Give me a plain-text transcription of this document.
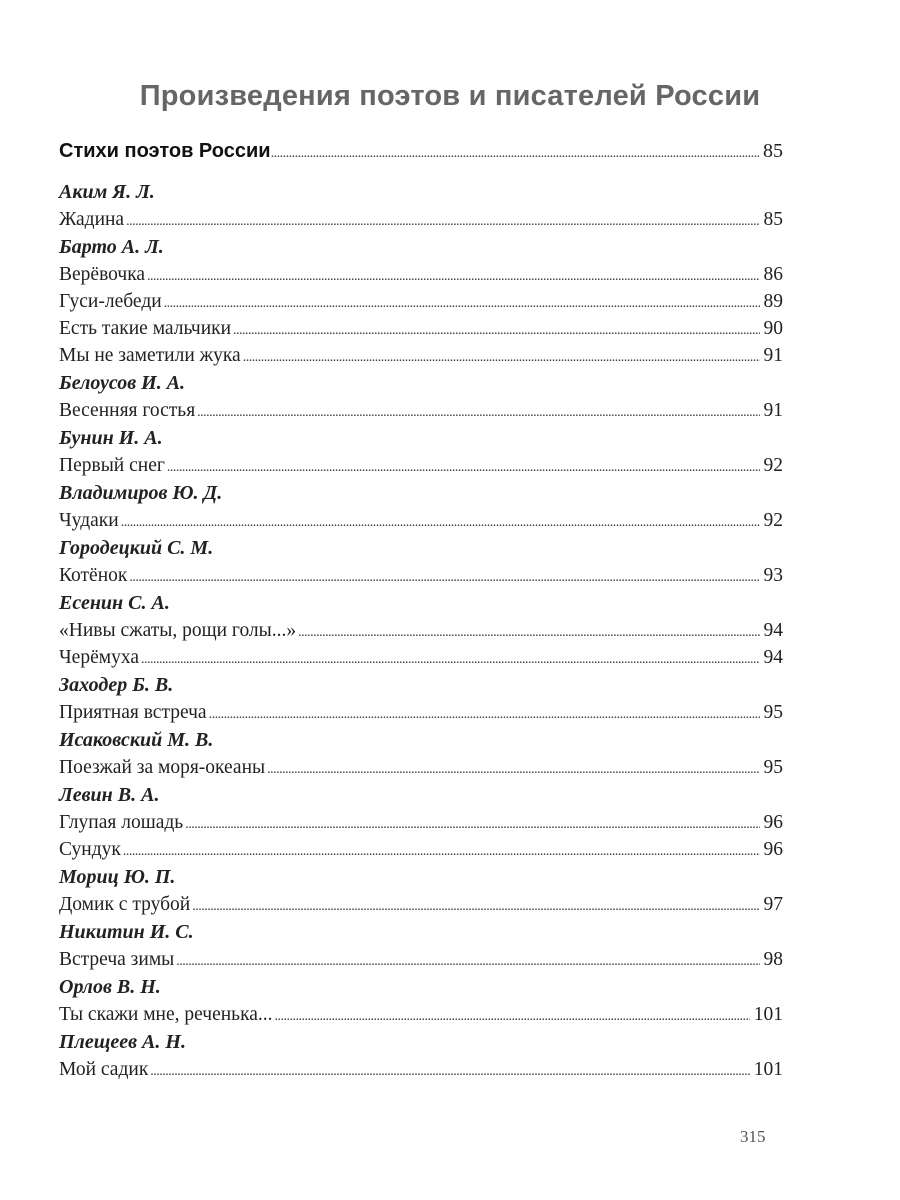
Произведения поэтов и писателей России
Стихи поэтов России . . .	85
Аким Я. Л.
Жадина . . .	85
Барто А. Л.
Верёвочка . . .	86
Гуси-лебеди . . .	89
Есть такие мальчики . . .	90
Мы не заметили жука . . .	91
Белоусов И. А.
Весенняя гостья . . .	91
Бунин И. А.
Первый снег . . .	92
Владимиров Ю. Д.
Чудаки . . .	92
Городецкий С. М.
Котёнок . . .	93
Есенин С. А.
«Нивы сжаты, рощи голы...» . . .	94
Черёмуха . . .	94
Заходер Б. В.
Приятная встреча . . .	95
Исаковский М. В.
Поезжай за моря-океаны . . .	95
Левин В. А.
Глупая лошадь . . .	96
Сундук . . .	96
Мориц Ю. П.
Домик с трубой . . .	97
Никитин И. С.
Встреча зимы . . .	98
Орлов В. Н.
Ты скажи мне, реченька... . . .	101
Плещеев А. Н.
Мой садик . . .	101
315
